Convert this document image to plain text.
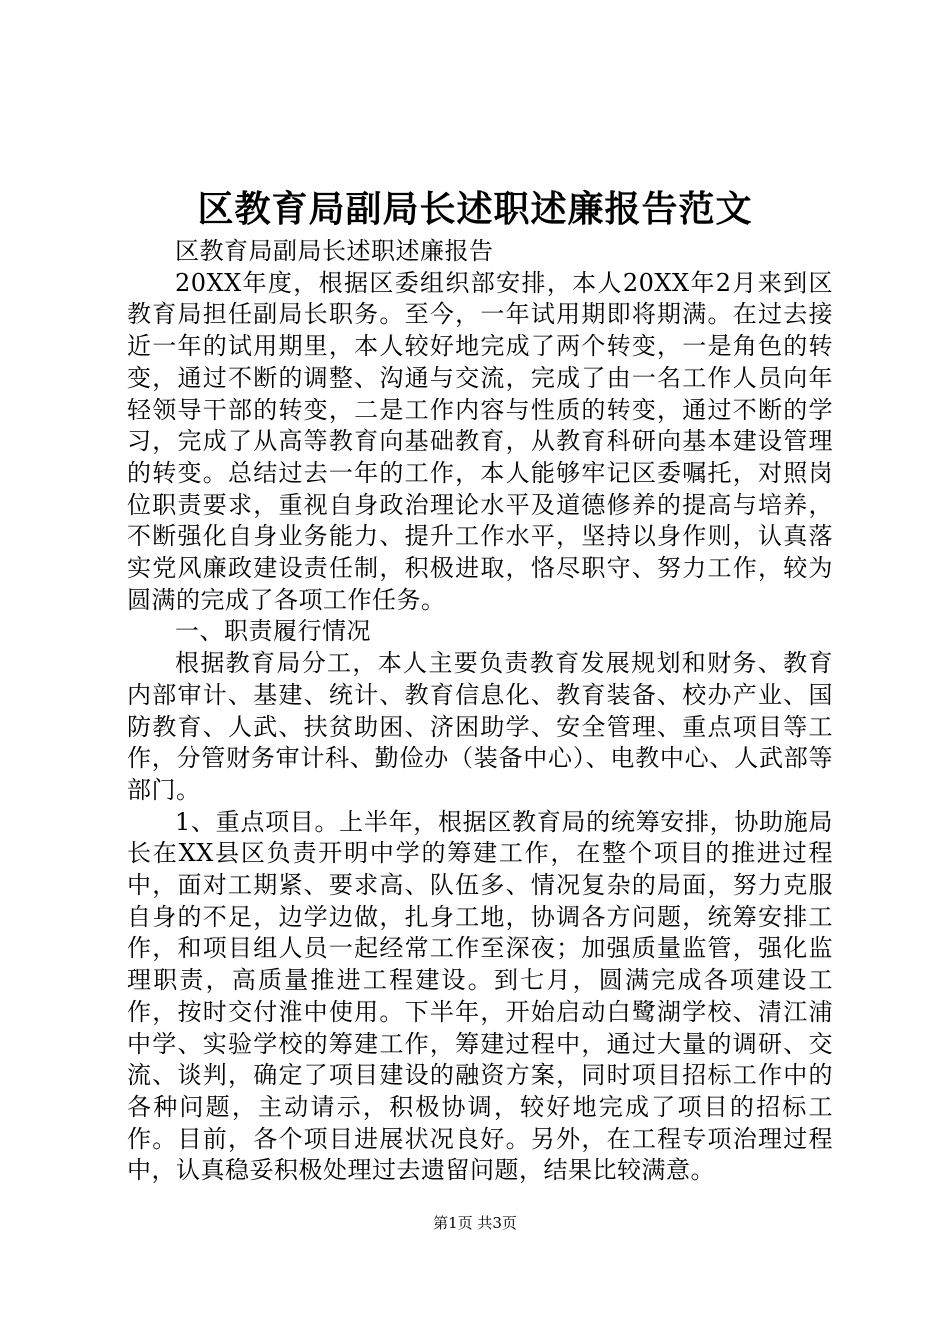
区教育局副局长述职述廉报告范文

区教育局副局长述职述廉报告

20XX年度，根据区委组织部安排，本人20XX年2月来到区教育局担任副局长职务。至今，一年试用期即将期满。在过去接近一年的试用期里，本人较好地完成了两个转变，一是角色的转变，通过不断的调整、沟通与交流，完成了由一名工作人员向年轻领导干部的转变，二是工作内容与性质的转变，通过不断的学习，完成了从高等教育向基础教育，从教育科研向基本建设管理的转变。总结过去一年的工作，本人能够牢记区委嘱托，对照岗位职责要求，重视自身政治理论水平及道德修养的提高与培养，不断强化自身业务能力、提升工作水平，坚持以身作则，认真落实党风廉政建设责任制，积极进取，恪尽职守、努力工作，较为圆满的完成了各项工作任务。

一、职责履行情况

根据教育局分工，本人主要负责教育发展规划和财务、教育内部审计、基建、统计、教育信息化、教育装备、校办产业、国防教育、人武、扶贫助困、济困助学、安全管理、重点项目等工作，分管财务审计科、勤俭办（装备中心）、电教中心、人武部等部门。

1、重点项目。上半年，根据区教育局的统筹安排，协助施局长在XX县区负责开明中学的筹建工作，在整个项目的推进过程中，面对工期紧、要求高、队伍多、情况复杂的局面，努力克服自身的不足，边学边做，扎身工地，协调各方问题，统筹安排工作，和项目组人员一起经常工作至深夜；加强质量监管，强化监理职责，高质量推进工程建设。到七月，圆满完成各项建设工作，按时交付淮中使用。下半年，开始启动白鹭湖学校、清江浦中学、实验学校的筹建工作，筹建过程中，通过大量的调研、交流、谈判，确定了项目建设的融资方案，同时项目招标工作中的各种问题，主动请示，积极协调，较好地完成了项目的招标工作。目前，各个项目进展状况良好。另外，在工程专项治理过程中，认真稳妥积极处理过去遗留问题，结果比较满意。

第1页 共3页
